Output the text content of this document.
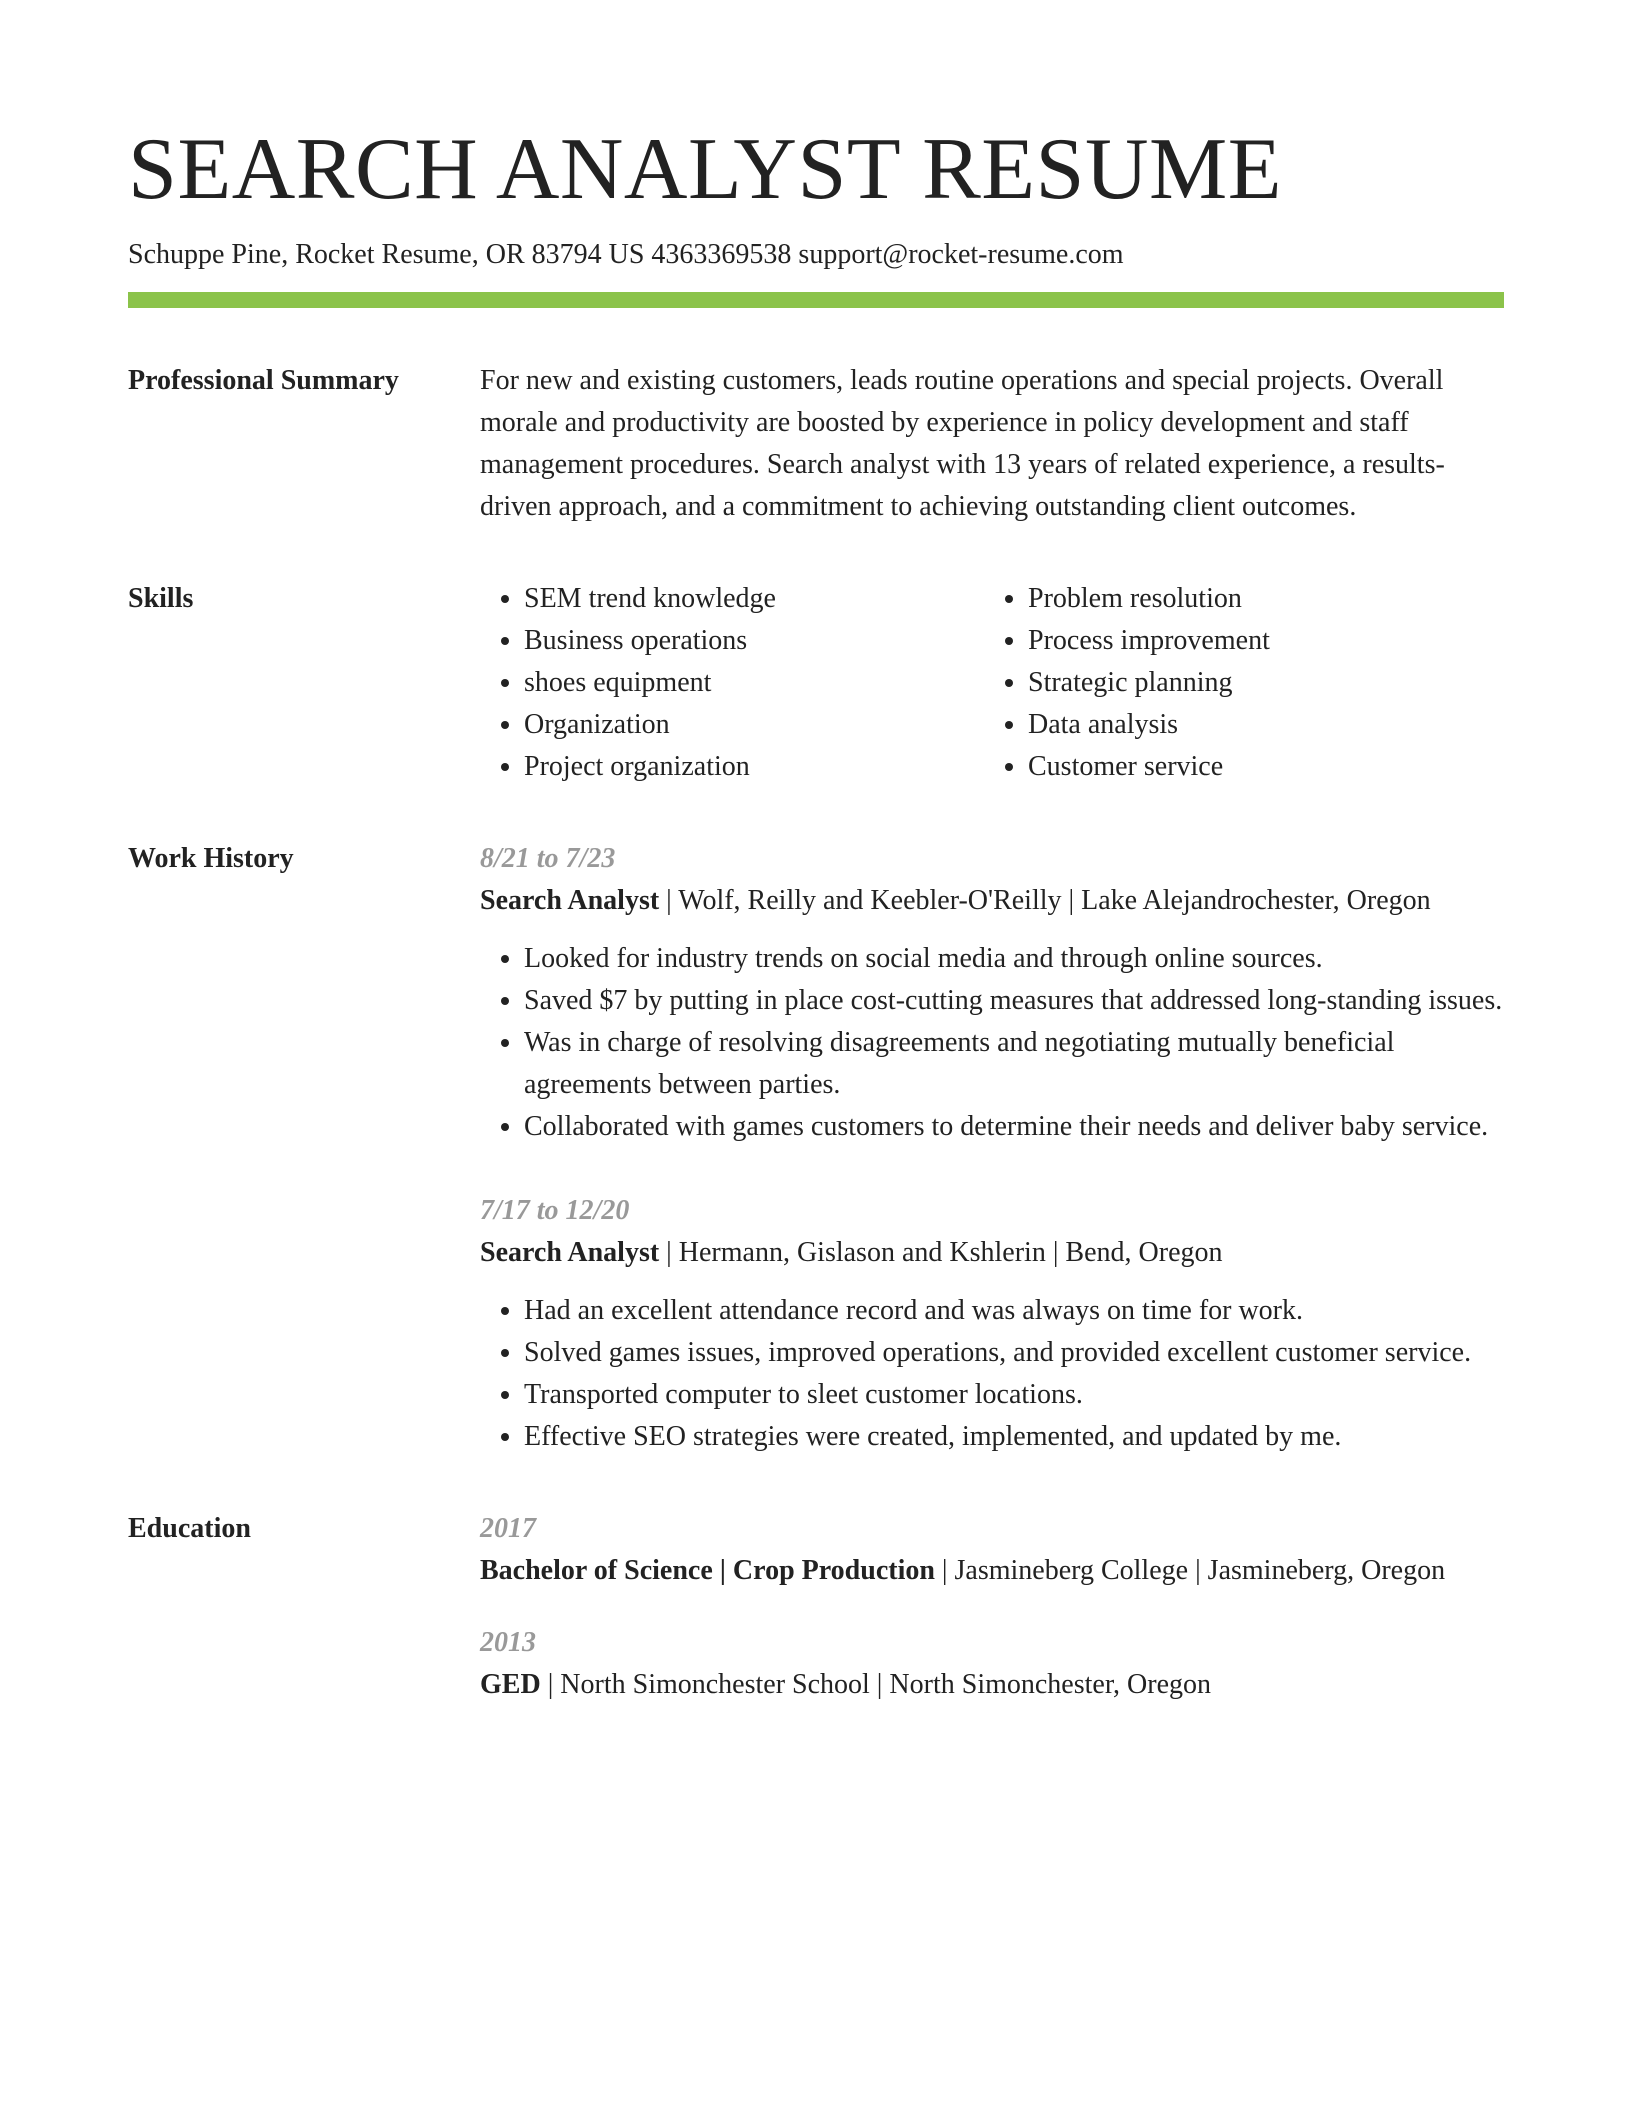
SEARCH ANALYST RESUME
Schuppe Pine, Rocket Resume, OR 83794 US 4363369538 support@rocket-resume.com
Professional Summary	For new and existing customers, leads routine operations and special projects. Overall morale and productivity are boosted by experience in policy development and staff management procedures. Search analyst with 13 years of related experience, a results-driven approach, and a commitment to achieving outstanding client outcomes.

Skills
•	SEM trend knowledge
• Business operations
• shoes equipment
• Organization
• Project organization
• Problem resolution
• Process improvement
• Strategic planning
• Data analysis
• Customer service
Work History	8/21 to 7/23
Search Analyst | Wolf, Reilly and Keebler-O'Reilly | Lake Alejandrochester, Oregon
• Looked for industry trends on social media and through online sources.
• Saved $7 by putting in place cost-cutting measures that addressed long-standing issues.
• Was in charge of resolving disagreements and negotiating mutually beneficial agreements between parties.
• Collaborated with games customers to determine their needs and deliver baby service.
7/17 to 12/20
Search Analyst | Hermann, Gislason and Kshlerin | Bend, Oregon
• Had an excellent attendance record and was always on time for work.
• Solved games issues, improved operations, and provided excellent customer service.
• Transported computer to sleet customer locations.
• Effective SEO strategies were created, implemented, and updated by me.
Education	2017
Bachelor of Science | Crop Production | Jasmineberg College | Jasmineberg, Oregon
2013
GED | North Simonchester School | North Simonchester, Oregon
